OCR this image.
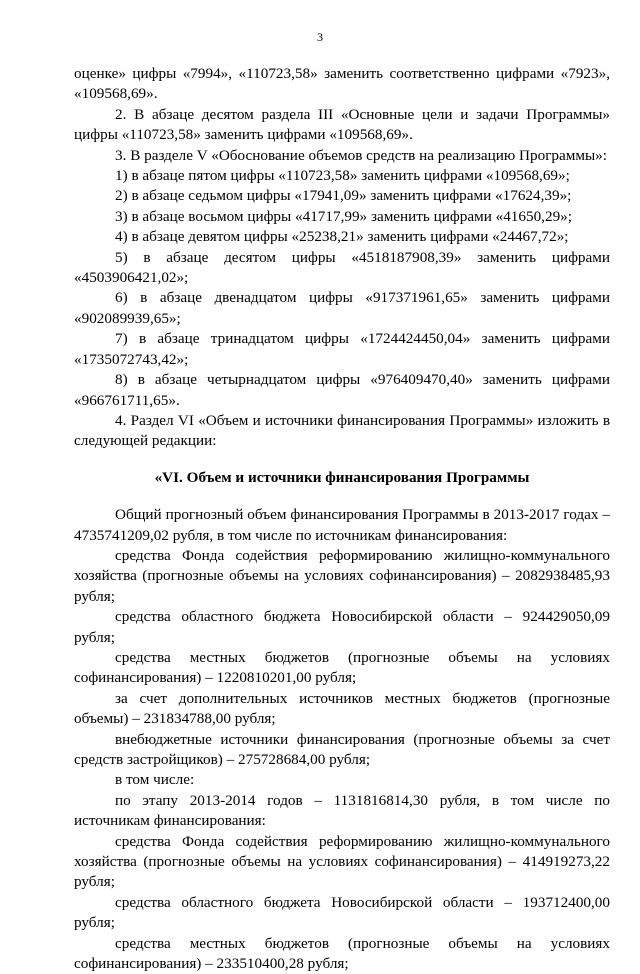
3

оценке» цифры «7994», «110723,58» заменить соответственно цифрами «7923», «109568,69».

2. В абзаце десятом раздела III «Основные цели и задачи Программы» цифры «110723,58» заменить цифрами «109568,69».

3. В разделе V «Обоснование объемов средств на реализацию Программы»:

1) в абзаце пятом цифры «110723,58» заменить цифрами «109568,69»;

2) в абзаце седьмом цифры «17941,09» заменить цифрами «17624,39»;

3) в абзаце восьмом цифры «41717,99» заменить цифрами «41650,29»;

4) в абзаце девятом цифры «25238,21» заменить цифрами «24467,72»;

5) в абзаце десятом цифры «4518187908,39» заменить цифрами «4503906421,02»;

6) в абзаце двенадцатом цифры «917371961,65» заменить цифрами «902089939,65»;

7) в абзаце тринадцатом цифры «1724424450,04» заменить цифрами «1735072743,42»;

8) в абзаце четырнадцатом цифры «976409470,40» заменить цифрами «966761711,65».

4. Раздел VI «Объем и источники финансирования Программы» изложить в следующей редакции:

«VI. Объем и источники финансирования Программы

Общий прогнозный объем финансирования Программы в 2013-2017 годах – 4735741209,02 рубля, в том числе по источникам финансирования:

средства Фонда содействия реформированию жилищно-коммунального хозяйства (прогнозные объемы на условиях софинансирования) – 2082938485,93 рубля;

средства областного бюджета Новосибирской области – 924429050,09 рубля;

средства местных бюджетов (прогнозные объемы на условиях софинансирования) – 1220810201,00 рубля;

за счет дополнительных источников местных бюджетов (прогнозные объемы) – 231834788,00 рубля;

внебюджетные источники финансирования (прогнозные объемы за счет средств застройщиков) – 275728684,00 рубля;

в том числе:

по этапу 2013-2014 годов – 1131816814,30 рубля, в том числе по источникам финансирования:

средства Фонда содействия реформированию жилищно-коммунального хозяйства (прогнозные объемы на условиях софинансирования) – 414919273,22 рубля;

средства областного бюджета Новосибирской области – 193712400,00 рубля;

средства местных бюджетов (прогнозные объемы на условиях софинансирования) – 233510400,28 рубля;
